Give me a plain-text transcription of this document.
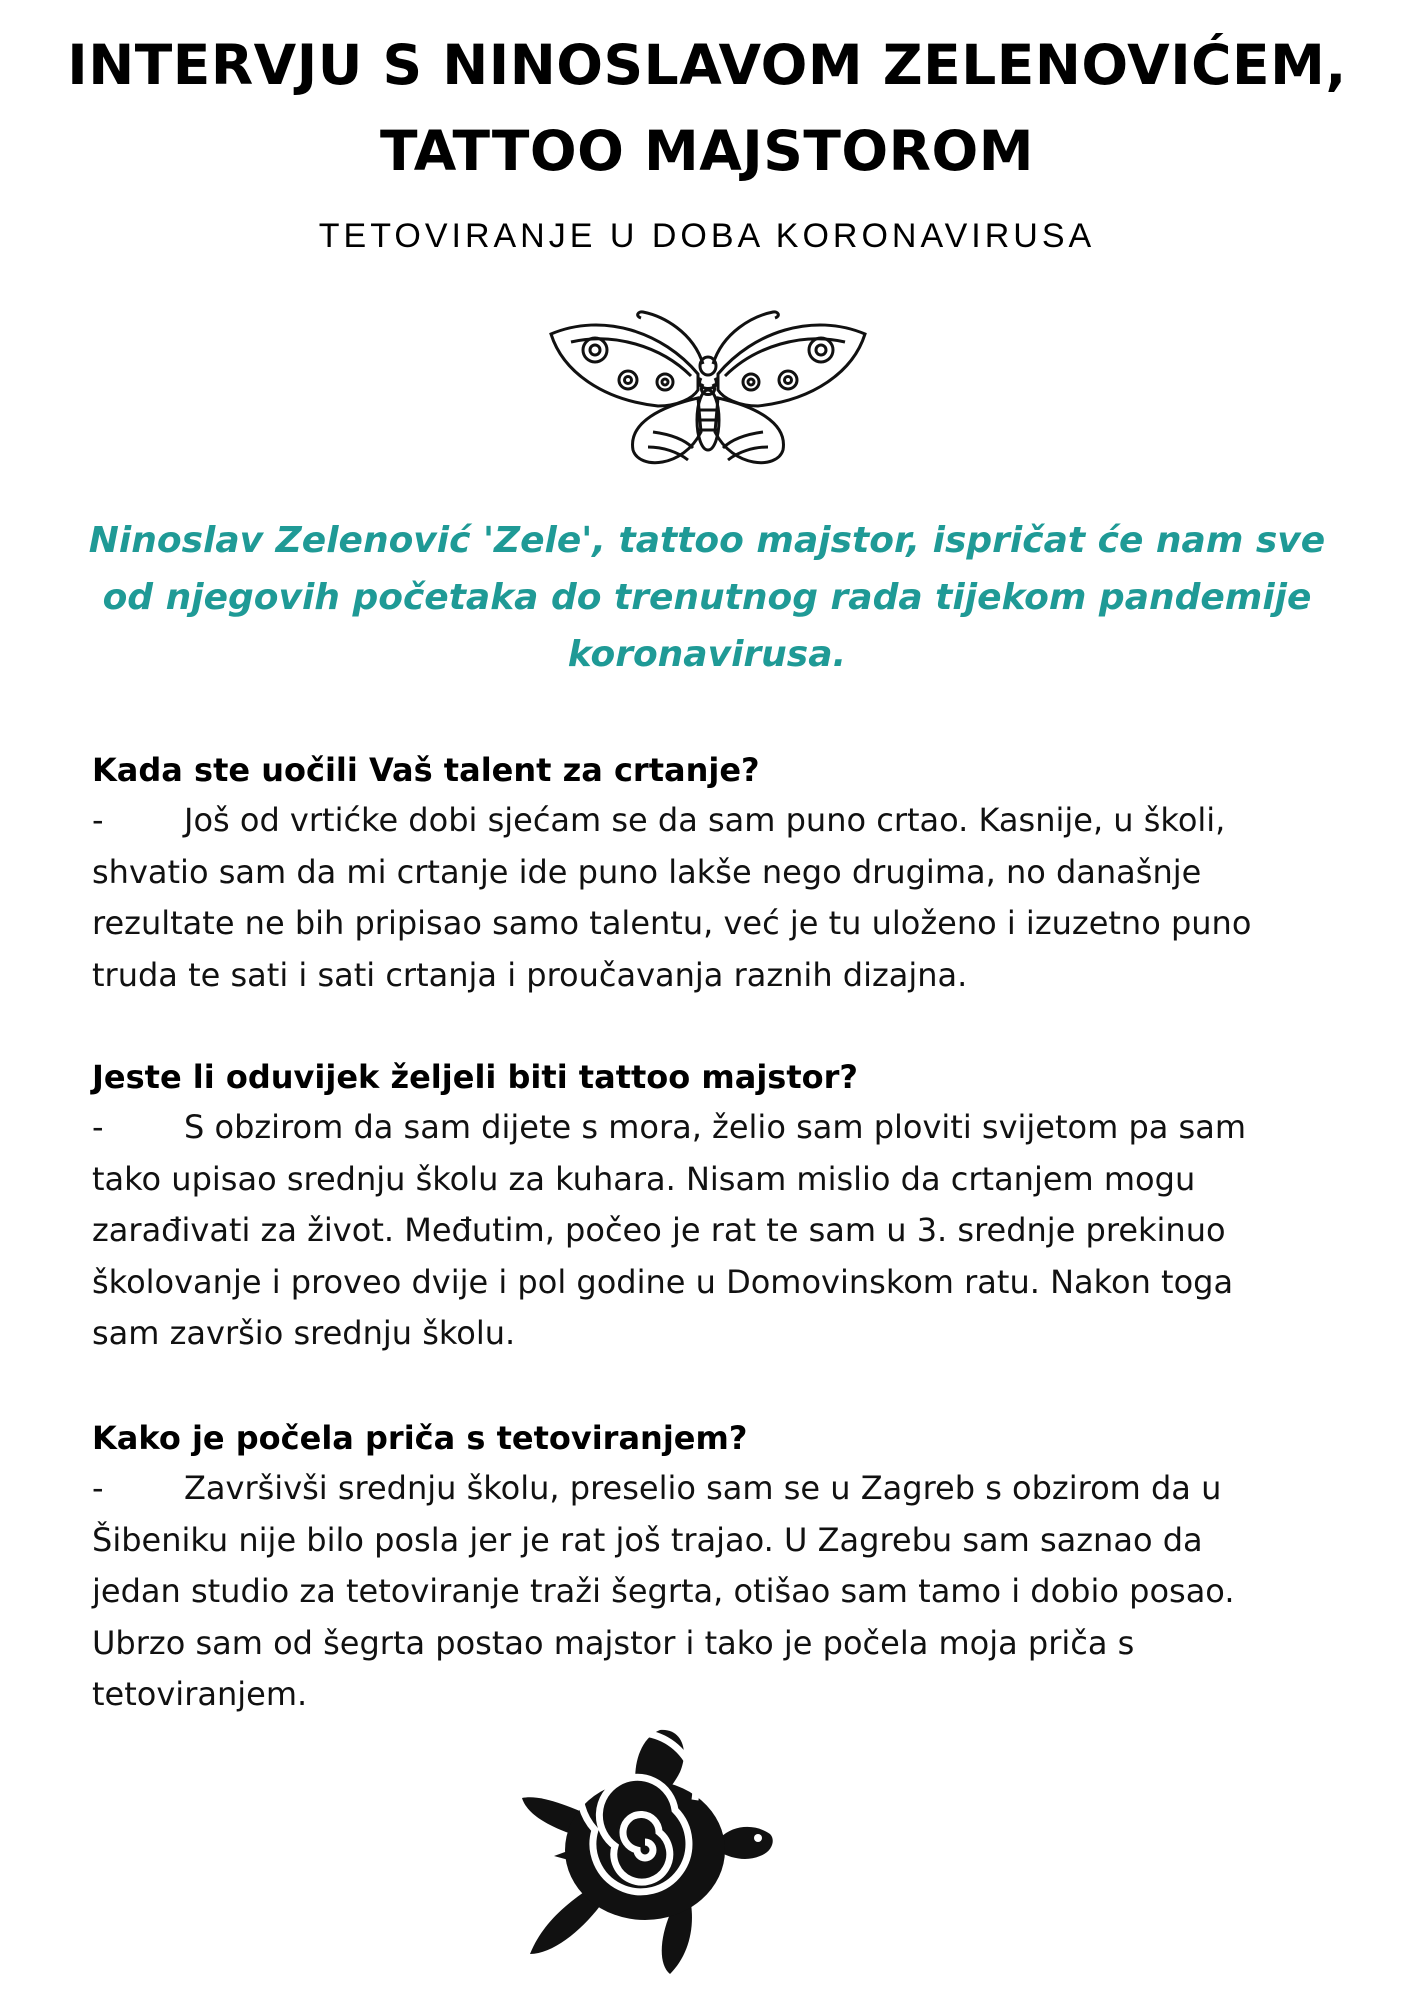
INTERVJU S NINOSLAVOM ZELENOVIĆEM,
TATTOO MAJSTOROM
TETOVIRANJE U DOBA KORONAVIRUSA
Ninoslav Zelenović 'Zele', tattoo majstor, ispričat će nam sve
od njegovih početaka do trenutnog rada tijekom pandemije
koronavirusa.

Kada ste uočili Vaš talent za crtanje?

-	Još od vrtićke dobi sjećam se da sam puno crtao. Kasnije, u školi,

shvatio sam da mi crtanje ide puno lakše nego drugima, no današnje

rezultate ne bih pripisao samo talentu, već je tu uloženo i izuzetno puno

truda te sati i sati crtanja i proučavanja raznih dizajna.

Jeste li oduvijek željeli biti tattoo majstor?

-	S obzirom da sam dijete s mora, želio sam ploviti svijetom pa sam

tako upisao srednju školu za kuhara. Nisam mislio da crtanjem mogu

zarađivati za život. Međutim, počeo je rat te sam u 3. srednje prekinuo

školovanje i proveo dvije i pol godine u Domovinskom ratu. Nakon toga

sam završio srednju školu.

Kako je počela priča s tetoviranjem?

-	Završivši srednju školu, preselio sam se u Zagreb s obzirom da u

Šibeniku nije bilo posla jer je rat još trajao. U Zagrebu sam saznao da

jedan studio za tetoviranje traži šegrta, otišao sam tamo i dobio posao.

Ubrzo sam od šegrta postao majstor i tako je počela moja priča s

tetoviranjem.
